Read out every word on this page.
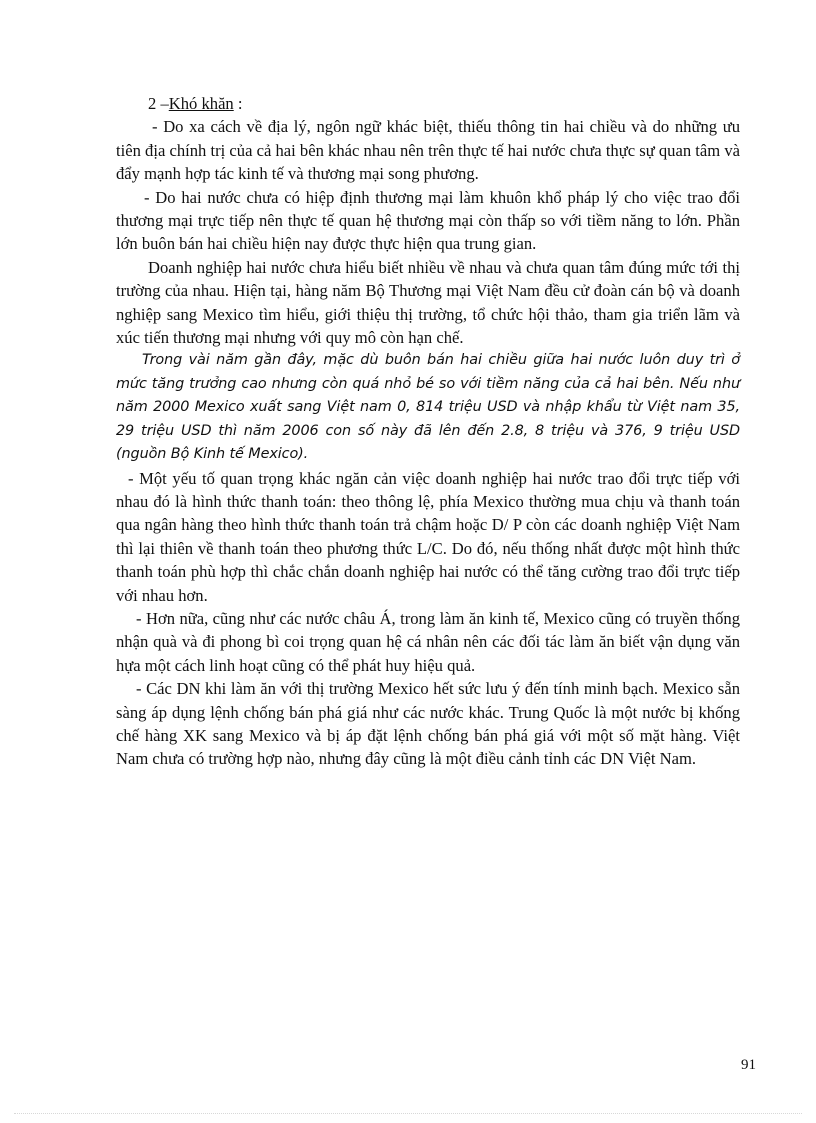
2 –Khó khăn :

- Do xa cách về địa lý, ngôn ngữ khác biệt, thiếu thông tin hai chiều và do những ưu tiên địa chính trị của cả hai bên khác nhau nên trên thực tế hai nước chưa thực sự quan tâm và đẩy mạnh hợp tác kinh tế và thương mại song phương.

- Do hai nước chưa có hiệp định thương mại làm khuôn khổ pháp lý cho việc trao đổi thương mại trực tiếp nên thực tế quan hệ thương mại còn thấp so với tiềm năng to lớn. Phần lớn buôn bán hai chiều hiện nay được thực hiện qua trung gian.

Doanh nghiệp hai nước chưa hiểu biết nhiều về nhau và chưa quan tâm đúng mức tới thị trường của nhau. Hiện tại, hàng năm Bộ Thương mại Việt Nam đều cử đoàn cán bộ và doanh nghiệp sang Mexico tìm hiểu, giới thiệu thị trường, tổ chức hội thảo, tham gia triển lãm và xúc tiến thương mại nhưng với quy mô còn hạn chế.

Trong vài năm gần đây, mặc dù buôn bán hai chiều giữa hai nước luôn duy trì ở mức tăng trưởng cao nhưng còn quá nhỏ bé so với tiềm năng của cả hai bên. Nếu như năm 2000 Mexico xuất sang Việt nam 0, 814 triệu USD và nhập khẩu từ Việt nam 35, 29 triệu USD thì năm 2006 con số này đã lên đến 2.8, 8 triệu và 376, 9 triệu USD (nguồn Bộ Kinh tế Mexico).

- Một yếu tố quan trọng khác ngăn cản việc doanh nghiệp hai nước trao đổi trực tiếp với nhau đó là hình thức thanh toán: theo thông lệ, phía Mexico thường mua chịu và thanh toán qua ngân hàng theo hình thức thanh toán trả chậm hoặc D/ P còn các doanh nghiệp Việt Nam thì lại thiên về thanh toán theo phương thức L/C. Do đó, nếu thống nhất được một hình thức thanh toán phù hợp thì chắc chắn doanh nghiệp hai nước có thể tăng cường trao đổi trực tiếp với nhau hơn.

- Hơn nữa, cũng như các nước châu Á, trong làm ăn kinh tế, Mexico cũng có truyền thống nhận quà và đi phong bì coi trọng quan hệ cá nhân nên các đối tác làm ăn biết vận dụng văn hựa một cách linh hoạt cũng có thể phát huy hiệu quả.

- Các DN khi làm ăn với thị trường Mexico hết sức lưu ý đến tính minh bạch. Mexico sẵn sàng áp dụng lệnh chống bán phá giá như các nước khác. Trung Quốc là một nước bị khống chế hàng XK sang Mexico và bị áp đặt lệnh chống bán phá giá với một số mặt hàng. Việt Nam chưa có trường hợp nào, nhưng đây cũng là một điều cảnh tỉnh các DN Việt Nam.

91
